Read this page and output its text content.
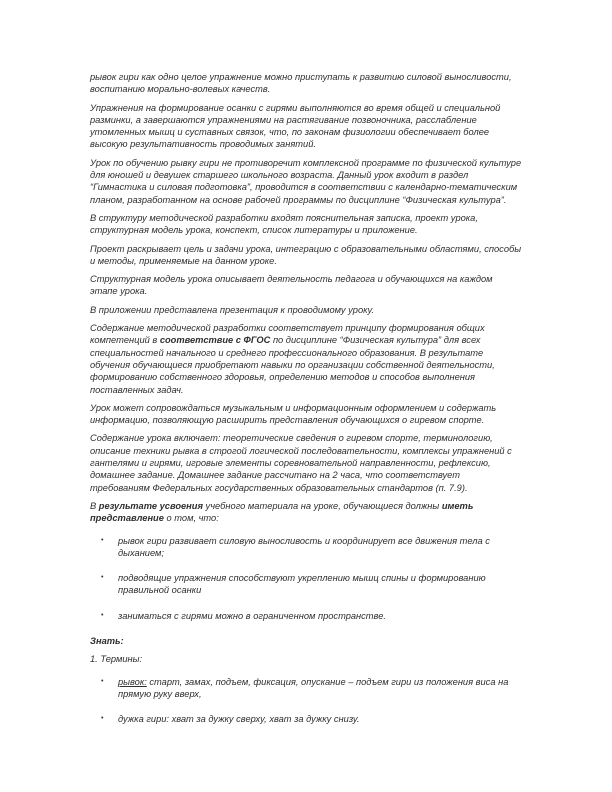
рывок гири как одно целое упражнение можно приступать к развитию силовой выносливости, воспитанию морально-волевых качеств.

Упражнения на формирование осанки с гирями выполняются во время общей и специальной разминки, а завершаются упражнениями на растягивание позвоночника, расслабление утомленных мышц и суставных связок, что, по законам физиологии обеспечивает более высокую результативность проводимых занятий.

Урок по обучению рывку гири не противоречит комплексной программе по физической культуре для юношей и девушек старшего школьного возраста. Данный урок входит в раздел “Гимнастика и силовая подготовка”, проводится в соответствии с календарно-тематическим планом, разработанном на основе рабочей программы по дисциплине “Физическая культура”.

В структуру методической разработки входят пояснительная записка, проект урока, структурная модель урока, конспект, список литературы и приложение.

Проект раскрывает цель и задачи урока, интеграцию с образовательными областями, способы и методы, применяемые на данном уроке.

Структурная модель урока описывает деятельность педагога и обучающихся на каждом этапе урока.

В приложении представлена презентация к проводимому уроку.

Содержание методической разработки соответствует принципу формирования общих компетенций в соответствие с ФГОС по дисциплине “Физическая культура” для всех специальностей начального и среднего профессионального образования. В результате обучения обучающиеся приобретают навыки по организации собственной деятельности, формированию собственного здоровья, определению методов и способов выполнения поставленных задач.

Урок может сопровождаться музыкальным и информационным оформлением и содержать информацию, позволяющую расширить представления обучающихся о гиревом спорте.

Содержание урока включает: теоретические сведения о гиревом спорте, терминологию, описание техники рывка в строгой логической последовательности, комплексы упражнений с гантелями и гирями, игровые элементы соревновательной направленности, рефлексию, домашнее задание. Домашнее задание рассчитано на 2 часа, что соответствует требованиям Федеральных государственных образовательных стандартов (п. 7.9).

В результате усвоения учебного материала на уроке, обучающиеся должны иметь представление о том, что:

• рывок гири развивает силовую выносливость и координирует все движения тела с дыханием;
• подводящие упражнения способствуют укреплению мышц спины и формированию правильной осанки
• заниматься с гирями можно в ограниченном пространстве.

Знать:

1. Термины:

• рывок: старт, замах, подъем, фиксация, опускание – подъем гири из положения виса на прямую руку вверх,
• дужка гири: хват за дужку сверху, хват за дужку снизу.
